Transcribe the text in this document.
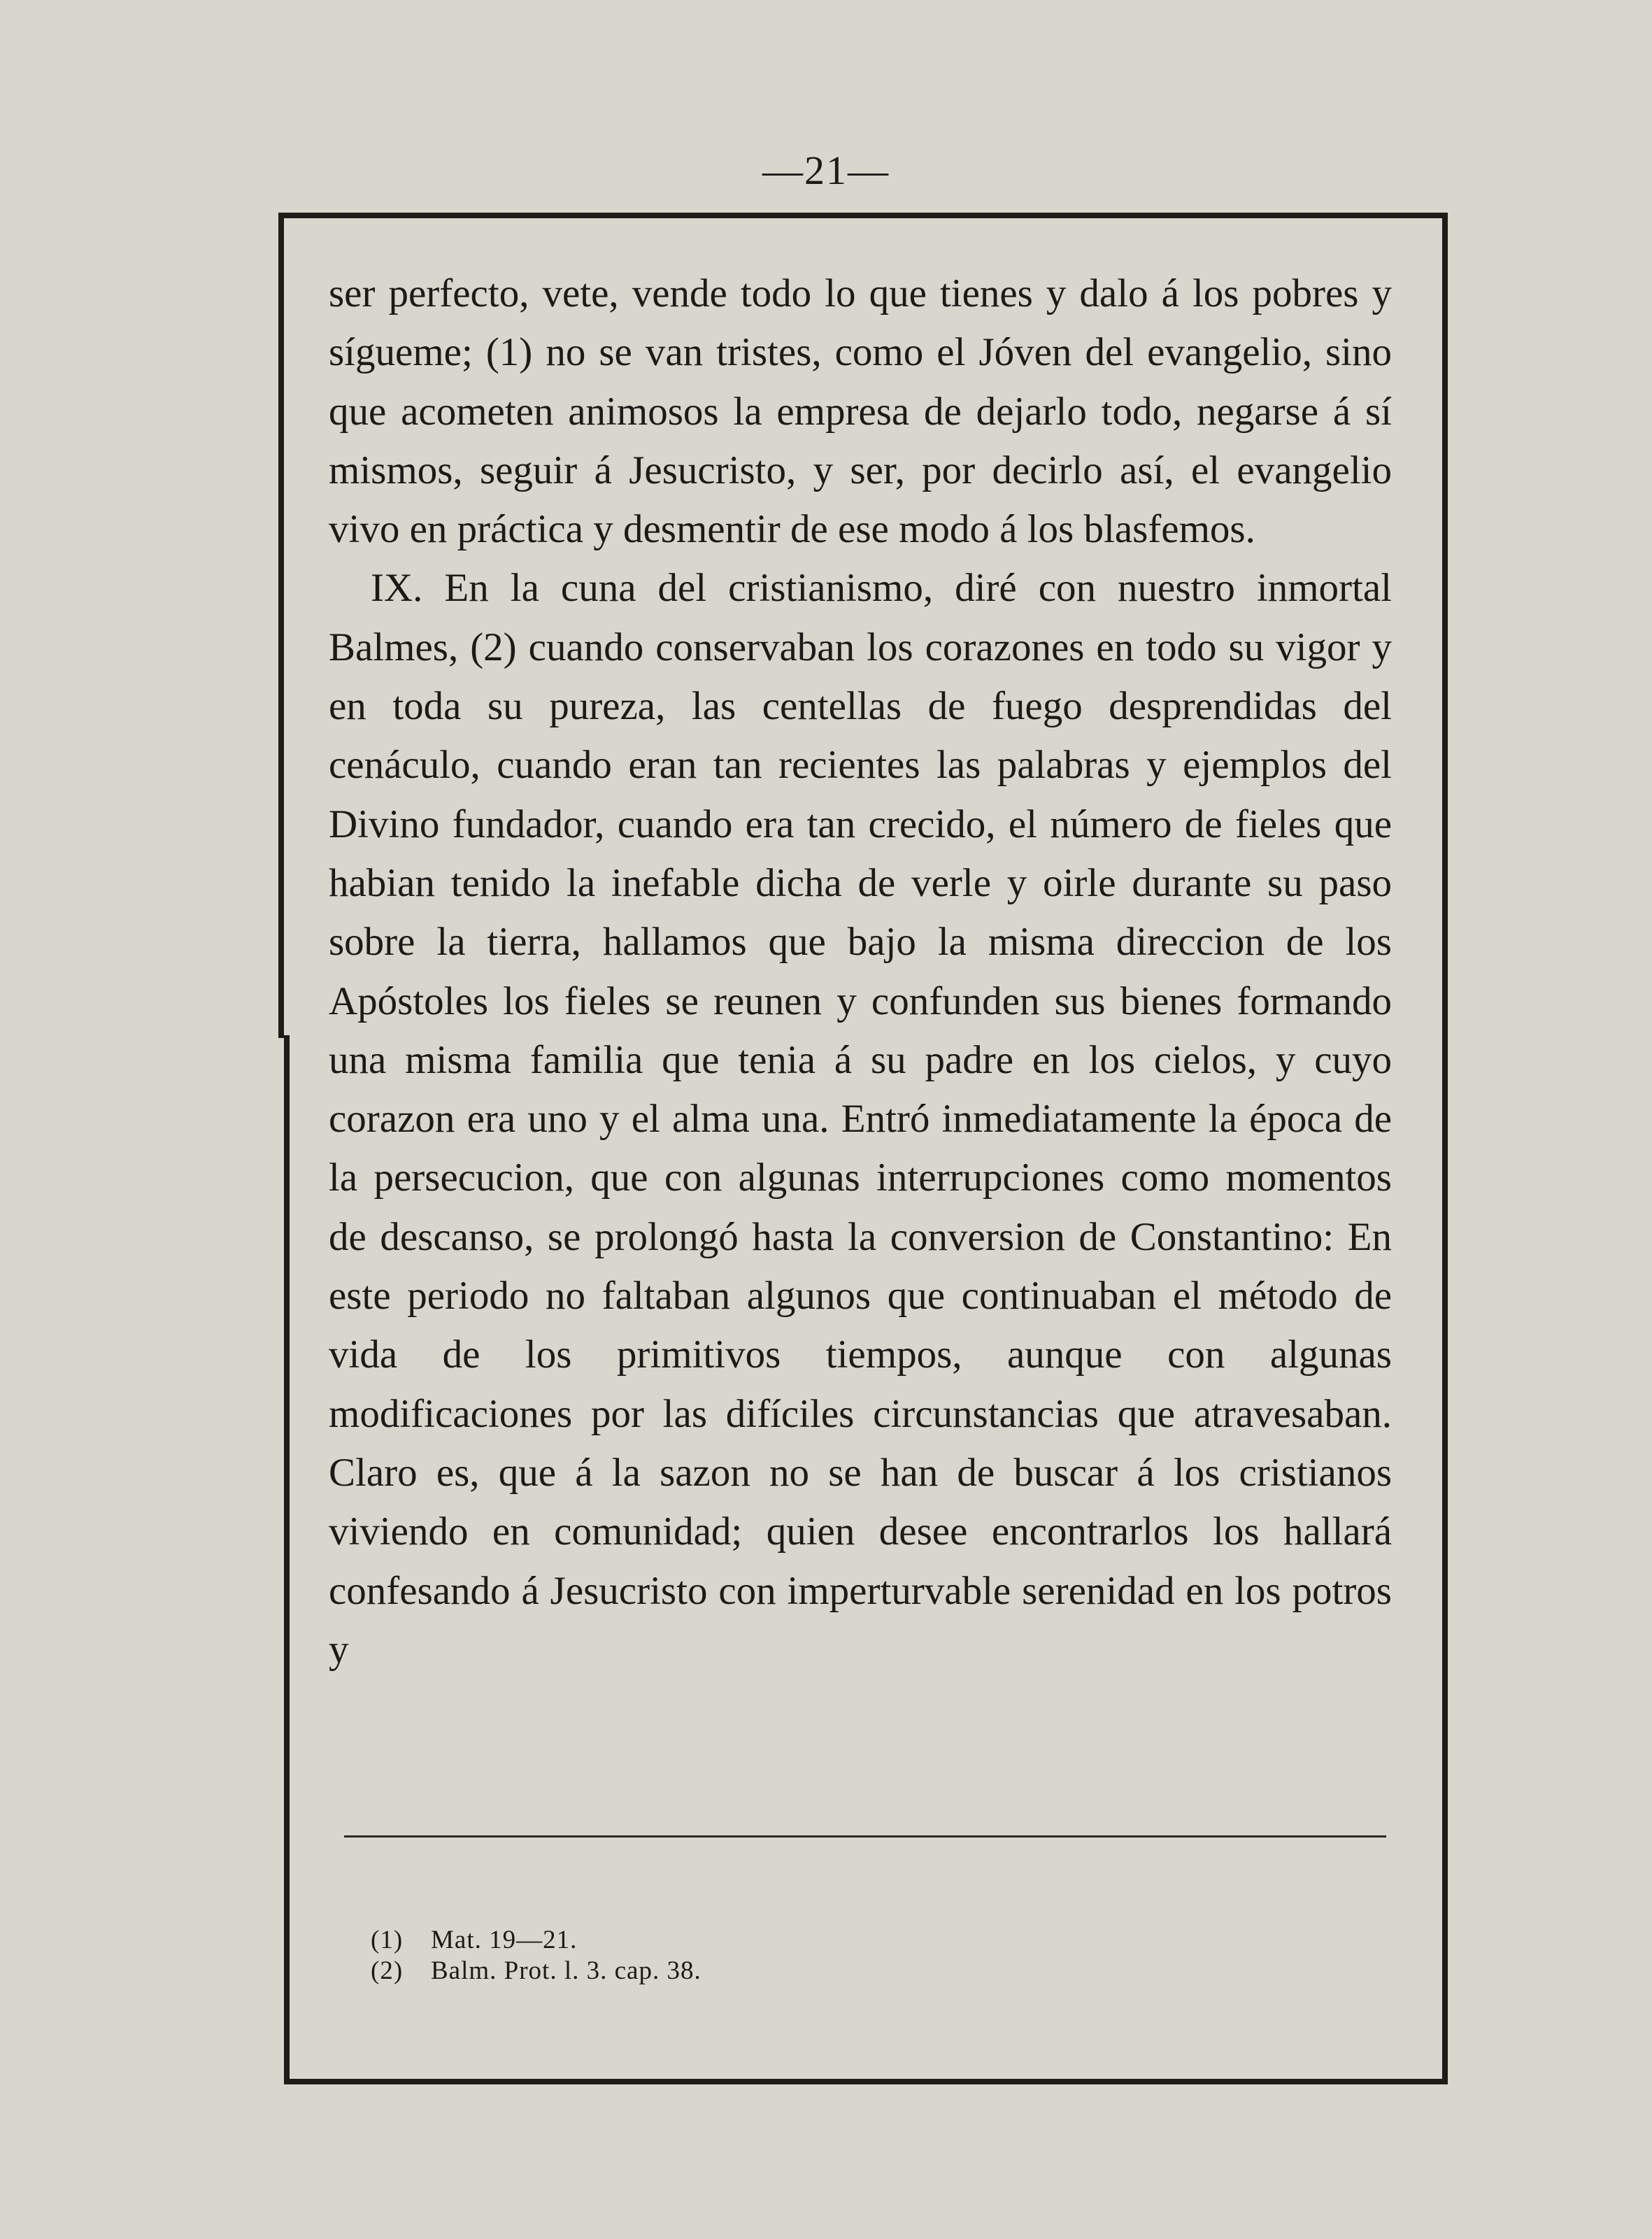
—21—

ser perfecto, vete, vende todo lo que tienes y dalo á los pobres y sígueme; (1) no se van tristes, como el Jóven del evangelio, sino que acometen animosos la empresa de dejarlo todo, negarse á sí mismos, seguir á Jesucristo, y ser, por decirlo así, el evangelio vivo en práctica y desmentir de ese modo á los blasfemos.

IX. En la cuna del cristianismo, diré con nuestro inmortal Balmes, (2) cuando conservaban los corazones en todo su vigor y en toda su pureza, las centellas de fuego desprendidas del cenáculo, cuando eran tan recientes las palabras y ejemplos del Divino fundador, cuando era tan crecido, el número de fieles que habian tenido la inefable dicha de verle y oirle durante su paso sobre la tierra, hallamos que bajo la misma direccion de los Apóstoles los fieles se reunen y confunden sus bienes formando una misma familia que tenia á su padre en los cielos, y cuyo corazon era uno y el alma una. Entró inmediatamente la época de la persecucion, que con algunas interrupciones como momentos de descanso, se prolongó hasta la conversion de Constantino: En este periodo no faltaban algunos que continuaban el método de vida de los primitivos tiempos, aunque con algunas modificaciones por las difíciles circunstancias que atravesaban. Claro es, que á la sazon no se han de buscar á los cristianos viviendo en comunidad; quien desee encontrarlos los hallará confesando á Jesucristo con imperturvable serenidad en los potros y

(1) Mat. 19—21.
(2) Balm. Prot. l. 3. cap. 38.
